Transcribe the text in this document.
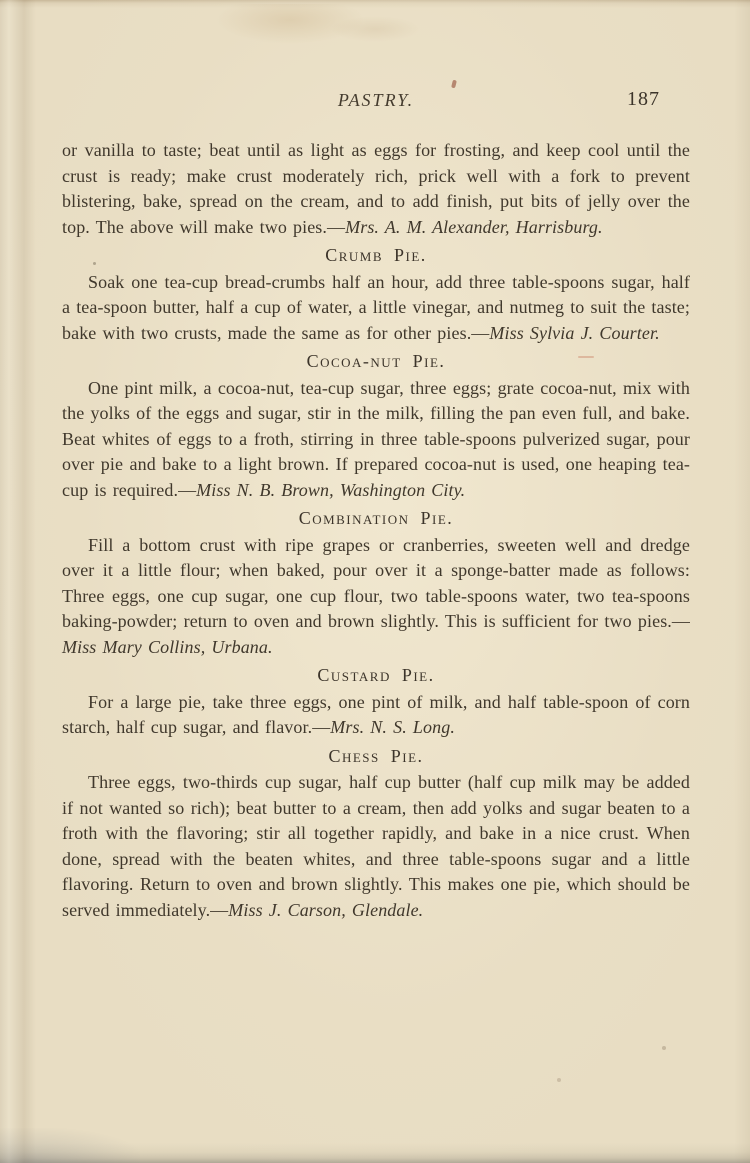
PASTRY.	187

or vanilla to taste; beat until as light as eggs for frosting, and keep cool until the crust is ready; make crust moderately rich, prick well with a fork to prevent blistering, bake, spread on the cream, and to add finish, put bits of jelly over the top. The above will make two pies.—Mrs. A. M. Alexander, Harrisburg.

Crumb Pie.

Soak one tea-cup bread-crumbs half an hour, add three table-spoons sugar, half a tea-spoon butter, half a cup of water, a little vinegar, and nutmeg to suit the taste; bake with two crusts, made the same as for other pies.—Miss Sylvia J. Courter.

Cocoa-nut Pie.

One pint milk, a cocoa-nut, tea-cup sugar, three eggs; grate cocoa-nut, mix with the yolks of the eggs and sugar, stir in the milk, filling the pan even full, and bake. Beat whites of eggs to a froth, stirring in three table-spoons pulverized sugar, pour over pie and bake to a light brown. If prepared cocoa-nut is used, one heaping tea-cup is required.—Miss N. B. Brown, Washington City.

Combination Pie.

Fill a bottom crust with ripe grapes or cranberries, sweeten well and dredge over it a little flour; when baked, pour over it a sponge-batter made as follows: Three eggs, one cup sugar, one cup flour, two table-spoons water, two tea-spoons baking-powder; return to oven and brown slightly. This is sufficient for two pies.—Miss Mary Collins, Urbana.

Custard Pie.

For a large pie, take three eggs, one pint of milk, and half table-spoon of corn starch, half cup sugar, and flavor.—Mrs. N. S. Long.

Chess Pie.

Three eggs, two-thirds cup sugar, half cup butter (half cup milk may be added if not wanted so rich); beat butter to a cream, then add yolks and sugar beaten to a froth with the flavoring; stir all together rapidly, and bake in a nice crust. When done, spread with the beaten whites, and three table-spoons sugar and a little flavoring. Return to oven and brown slightly. This makes one pie, which should be served immediately.—Miss J. Carson, Glendale.
